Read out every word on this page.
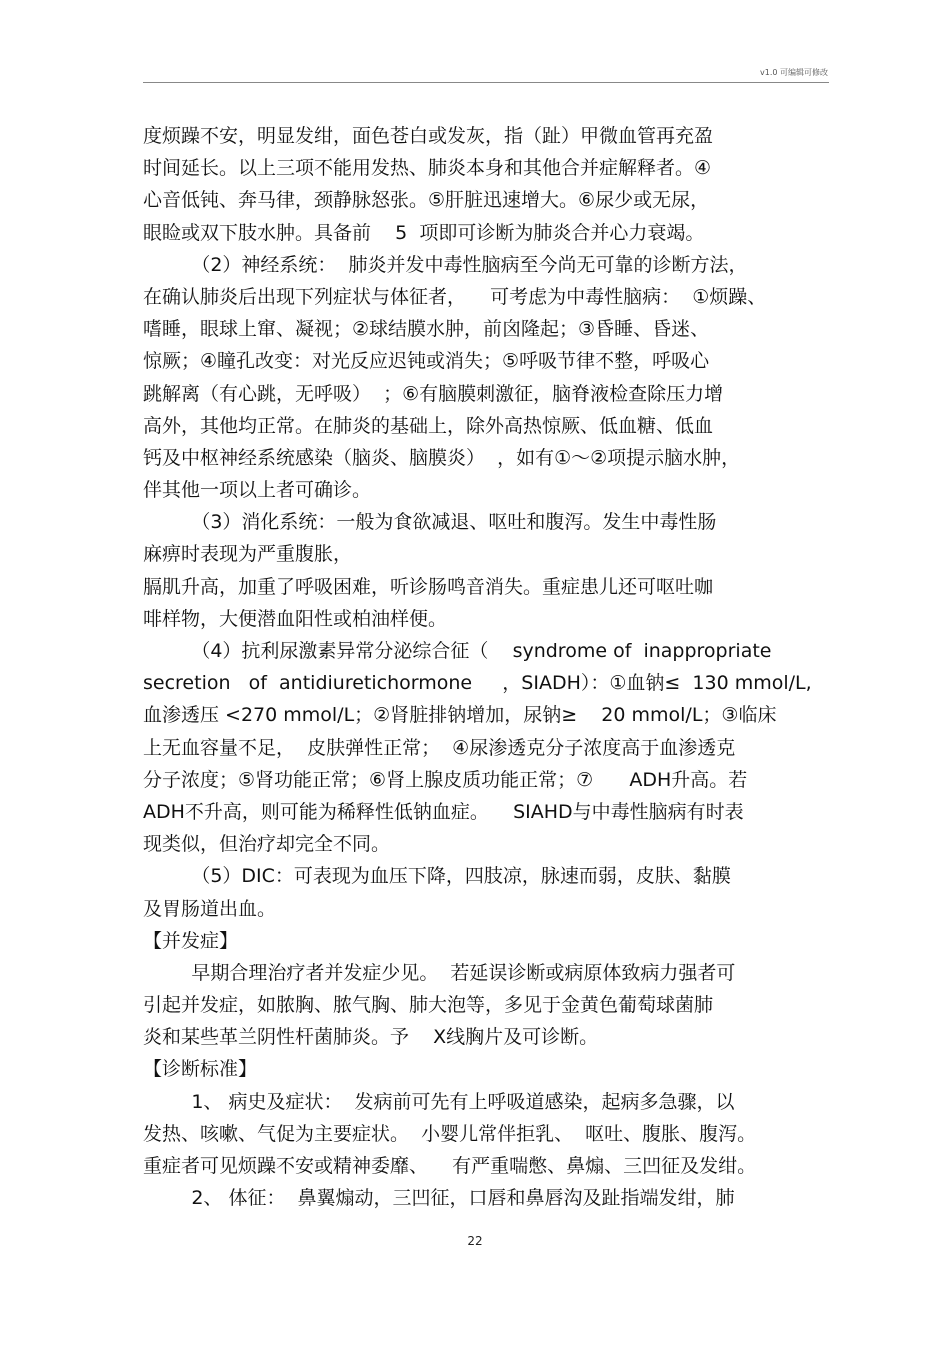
v1.0 可编辑可修改
度烦躁不安，明显发绀，面色苍白或发灰，指（趾）甲微血管再充盈
时间延长。以上三项不能用发热、肺炎本身和其他合并症解释者。④
心音低钝、奔马律，颈静脉怒张。⑤肝脏迅速增大。⑥尿少或无尿，
眼睑或双下肢水肿。具备前    5  项即可诊断为肺炎合并心力衰竭。
（2）神经系统：  肺炎并发中毒性脑病至今尚无可靠的诊断方法，
在确认肺炎后出现下列症状与体征者，    可考虑为中毒性脑病：  ①烦躁、
嗜睡，眼球上窜、凝视；②球结膜水肿，前囟隆起；③昏睡、昏迷、
惊厥；④瞳孔改变：对光反应迟钝或消失；⑤呼吸节律不整，呼吸心
跳解离（有心跳，无呼吸）  ；⑥有脑膜刺激征，脑脊液检查除压力增
高外，其他均正常。在肺炎的基础上，除外高热惊厥、低血糖、低血
钙及中枢神经系统感染（脑炎、脑膜炎）  ，如有①～②项提示脑水肿，
伴其他一项以上者可确诊。
（3）消化系统：一般为食欲减退、呕吐和腹泻。发生中毒性肠
麻痹时表现为严重腹胀，
膈肌升高，加重了呼吸困难，听诊肠鸣音消失。重症患儿还可呕吐咖
啡样物，大便潜血阳性或柏油样便。
（4）抗利尿激素异常分泌综合征（    syndrome of  inappropriate
secretion   of  antidiuretichormone     ，SIADH）：①血钠≤  130 mmol/L,
血渗透压 <270 mmol/L；②肾脏排钠增加，尿钠≥    20 mmol/L；③临床
上无血容量不足，  皮肤弹性正常；  ④尿渗透克分子浓度高于血渗透克
分子浓度；⑤肾功能正常；⑥肾上腺皮质功能正常；⑦      ADH升高。若
ADH不升高，则可能为稀释性低钠血症。    SIAHD与中毒性脑病有时表
现类似，但治疗却完全不同。
（5）DIC：可表现为血压下降，四肢凉，脉速而弱，皮肤、黏膜
及胃肠道出血。
【并发症】
早期合理治疗者并发症少见。  若延误诊断或病原体致病力强者可
引起并发症，如脓胸、脓气胸、肺大泡等，多见于金黄色葡萄球菌肺
炎和某些革兰阴性杆菌肺炎。予    X线胸片及可诊断。
【诊断标准】
1、 病史及症状：  发病前可先有上呼吸道感染，起病多急骤，以
发热、咳嗽、气促为主要症状。  小婴儿常伴拒乳、  呕吐、腹胀、腹泻。
重症者可见烦躁不安或精神委靡、    有严重喘憋、鼻煽、三凹征及发绀。
2、 体征：  鼻翼煽动，三凹征，口唇和鼻唇沟及趾指端发绀，肺
22
